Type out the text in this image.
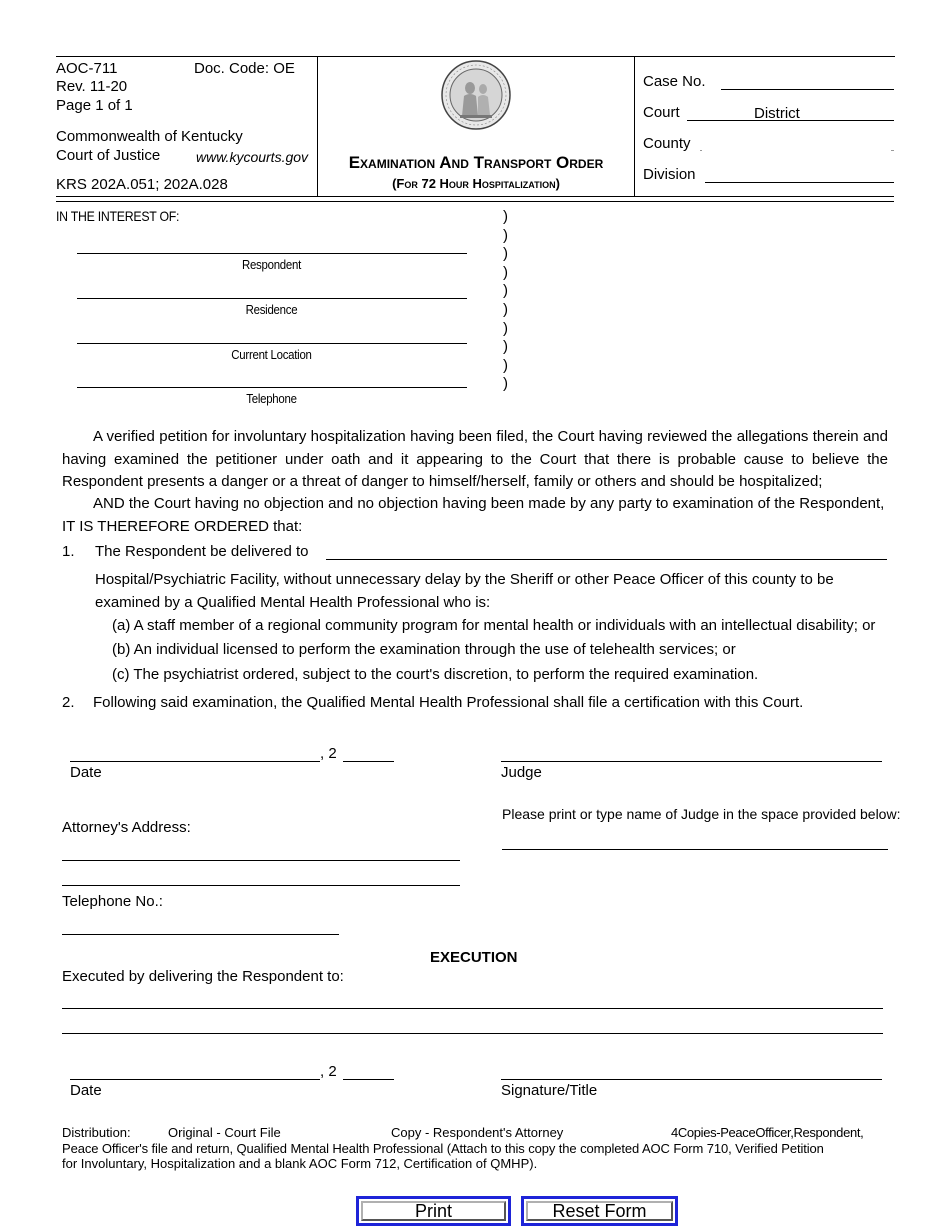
AOC-711	Doc. Code: OE
Rev. 11-20
Page 1 of 1
Commonwealth of Kentucky
Court of Justice	www.kycourts.gov
KRS 202A.051; 202A.028
Examination And Transport Order
(For 72 Hour Hospitalization)
Case No.
Court	District
County
Division
IN THE INTEREST OF:
Respondent
Residence
Current Location
Telephone
)
)
)
)
)
)
)
)
)
)
A verified petition for involuntary hospitalization having been filed, the Court having reviewed the allegations therein and having examined the petitioner under oath and it appearing to the Court that there is probable cause to believe the Respondent presents a danger or a threat of danger to himself/herself, family or others and should be hospitalized;
AND the Court having no objection and no objection having been made by any party to examination of the Respondent,
IT IS THEREFORE ORDERED that:
1. The Respondent be delivered to
Hospital/Psychiatric Facility, without unnecessary delay by the Sheriff or other Peace Officer of this county to be examined by a Qualified Mental Health Professional who is:
(a) A staff member of a regional community program for mental health or individuals with an intellectual disability; or
(b) An individual licensed to perform the examination through the use of telehealth services; or
(c) The psychiatrist ordered, subject to the court's discretion, to perform the required examination.
2. Following said examination, the Qualified Mental Health Professional shall file a certification with this Court.
, 2
Date	Judge
Please print or type name of Judge in the space provided below:
Attorney's Address:
Telephone No.:
EXECUTION
Executed by delivering the Respondent to:
, 2
Date	Signature/Title
Distribution:	Original - Court File	Copy - Respondent's Attorney	4Copies-PeaceOfficer,Respondent,
Peace Officer's file and return, Qualified Mental Health Professional (Attach to this copy the completed AOC Form 710, Verified Petition
for Involuntary, Hospitalization and a blank AOC Form 712, Certification of QMHP).
Print	Reset Form
